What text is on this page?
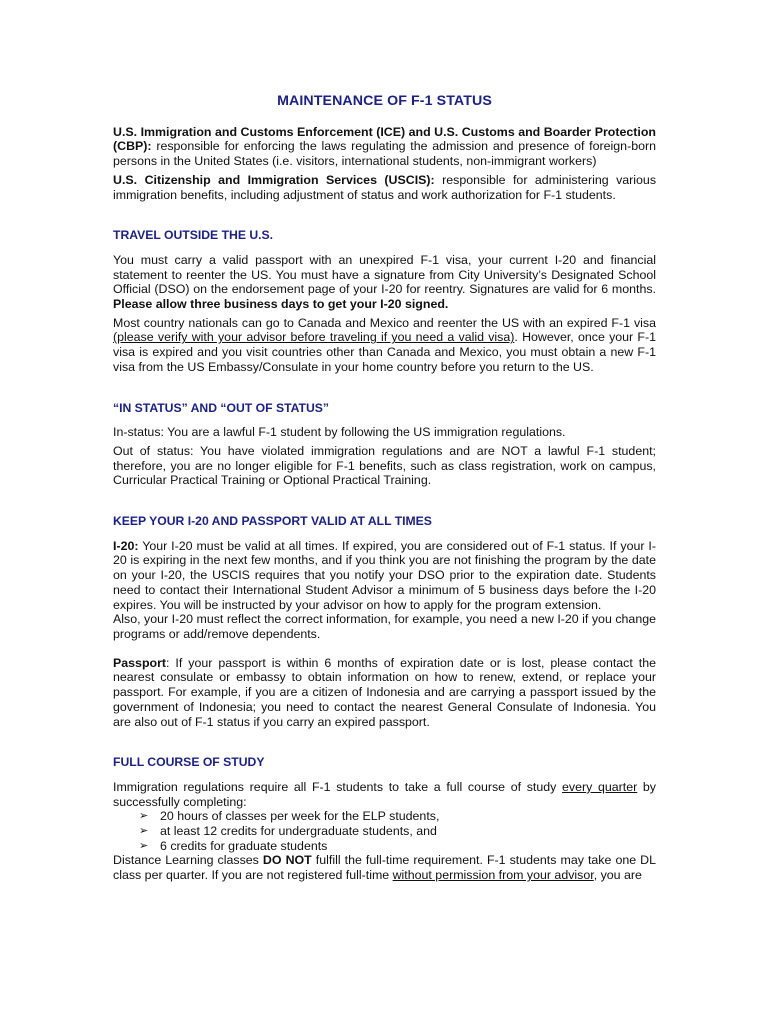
MAINTENANCE OF F-1 STATUS

U.S. Immigration and Customs Enforcement (ICE) and U.S. Customs and Boarder Protection (CBP): responsible for enforcing the laws regulating the admission and presence of foreign-born persons in the United States (i.e. visitors, international students, non-immigrant workers)

U.S. Citizenship and Immigration Services (USCIS): responsible for administering various immigration benefits, including adjustment of status and work authorization for F-1 students.

TRAVEL OUTSIDE THE U.S.

You must carry a valid passport with an unexpired F-1 visa, your current I-20 and financial statement to reenter the US. You must have a signature from City University’s Designated School Official (DSO) on the endorsement page of your I-20 for reentry. Signatures are valid for 6 months. Please allow three business days to get your I-20 signed.

Most country nationals can go to Canada and Mexico and reenter the US with an expired F-1 visa (please verify with your advisor before traveling if you need a valid visa). However, once your F-1 visa is expired and you visit countries other than Canada and Mexico, you must obtain a new F-1 visa from the US Embassy/Consulate in your home country before you return to the US.

“IN STATUS” AND “OUT OF STATUS”

In-status: You are a lawful F-1 student by following the US immigration regulations.

Out of status: You have violated immigration regulations and are NOT a lawful F-1 student; therefore, you are no longer eligible for F-1 benefits, such as class registration, work on campus, Curricular Practical Training or Optional Practical Training.

KEEP YOUR I-20 AND PASSPORT VALID AT ALL TIMES

I-20: Your I-20 must be valid at all times. If expired, you are considered out of F-1 status. If your I-20 is expiring in the next few months, and if you think you are not finishing the program by the date on your I-20, the USCIS requires that you notify your DSO prior to the expiration date. Students need to contact their International Student Advisor a minimum of 5 business days before the I-20 expires. You will be instructed by your advisor on how to apply for the program extension.

Also, your I-20 must reflect the correct information, for example, you need a new I-20 if you change programs or add/remove dependents.

Passport: If your passport is within 6 months of expiration date or is lost, please contact the nearest consulate or embassy to obtain information on how to renew, extend, or replace your passport. For example, if you are a citizen of Indonesia and are carrying a passport issued by the government of Indonesia; you need to contact the nearest General Consulate of Indonesia. You are also out of F-1 status if you carry an expired passport.

FULL COURSE OF STUDY

Immigration regulations require all F-1 students to take a full course of study every quarter by successfully completing:

➢ 20 hours of classes per week for the ELP students,
➢ at least 12 credits for undergraduate students, and
➢ 6 credits for graduate students

Distance Learning classes DO NOT fulfill the full-time requirement. F-1 students may take one DL class per quarter. If you are not registered full-time without permission from your advisor, you are
